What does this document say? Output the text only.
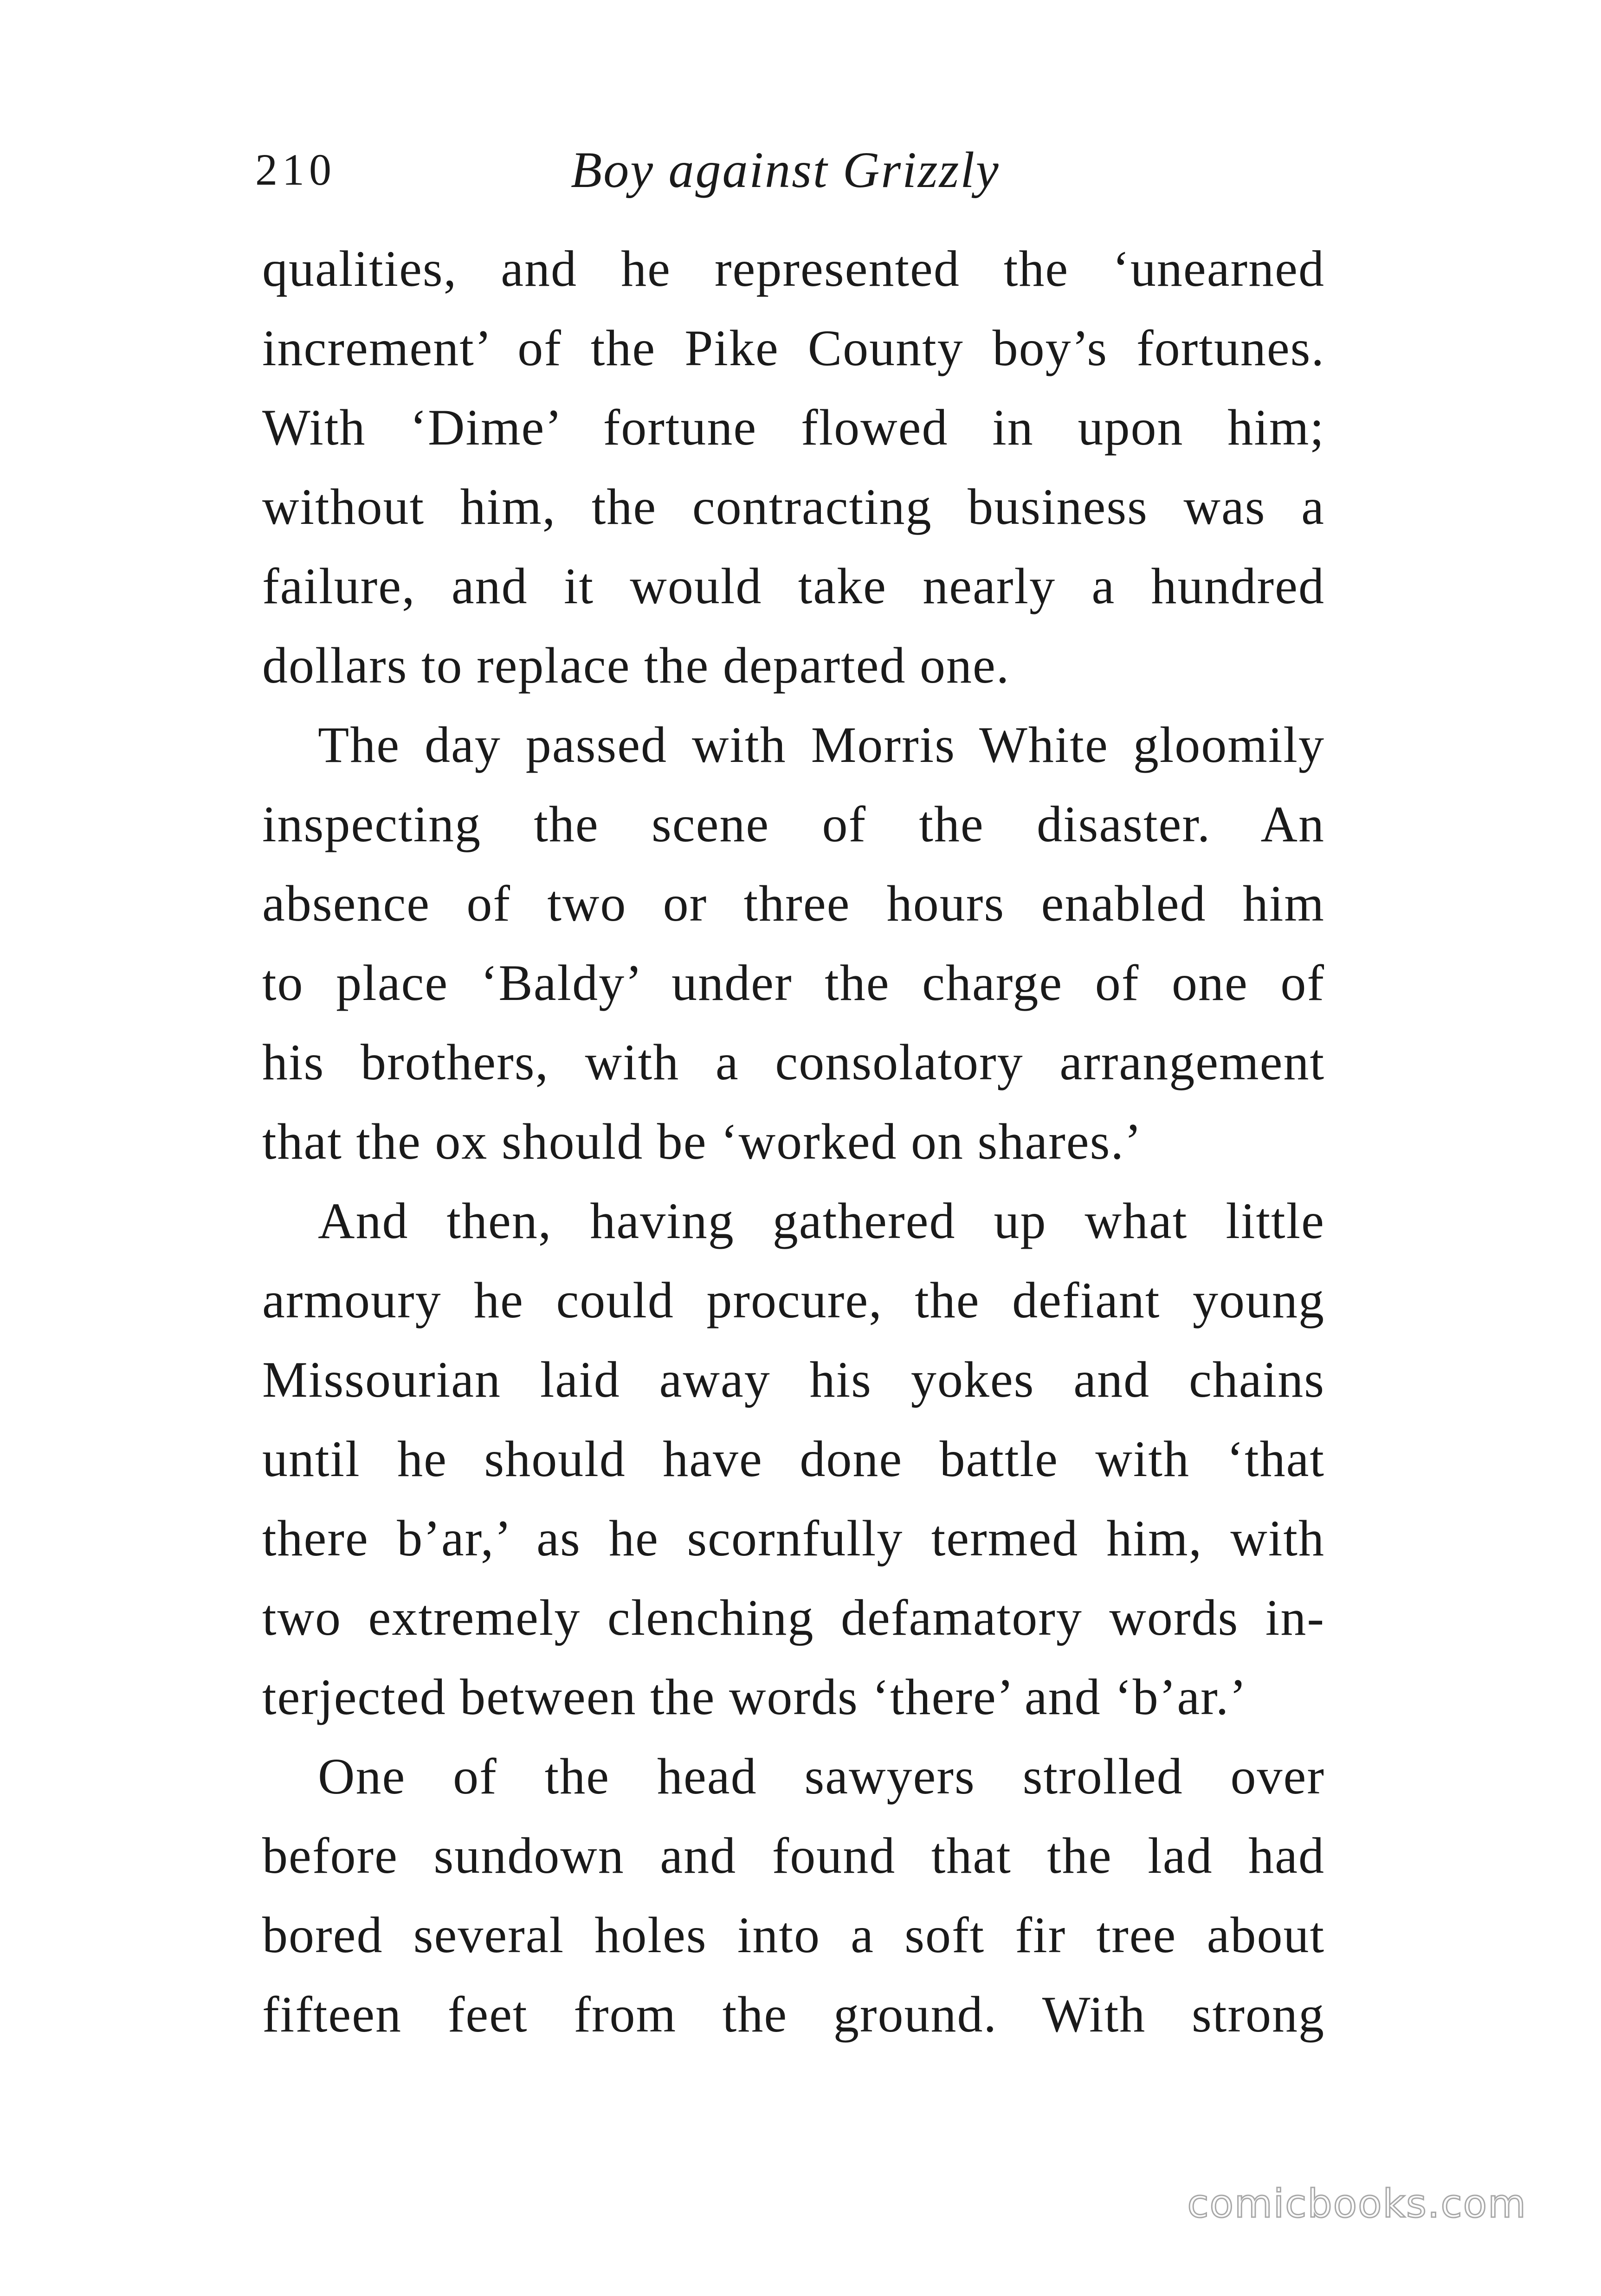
210	Boy against Grizzly
qualities, and he represented the ‘unearned
increment’ of the Pike County boy’s fortunes.
With ‘Dime’ fortune flowed in upon him;
without him, the contracting business was a
failure, and it would take nearly a hundred
dollars to replace the departed one.
The day passed with Morris White gloomily
inspecting the scene of the disaster. An
absence of two or three hours enabled him
to place ‘Baldy’ under the charge of one of
his brothers, with a consolatory arrangement
that the ox should be ‘worked on shares.’
And then, having gathered up what little
armoury he could procure, the defiant young
Missourian laid away his yokes and chains
until he should have done battle with ‘that
there b’ar,’ as he scornfully termed him, with
two extremely clenching defamatory words in-
terjected between the words ‘there’ and ‘b’ar.’
One of the head sawyers strolled over
before sundown and found that the lad had
bored several holes into a soft fir tree about
fifteen feet from the ground. With strong
comicbooks.com
